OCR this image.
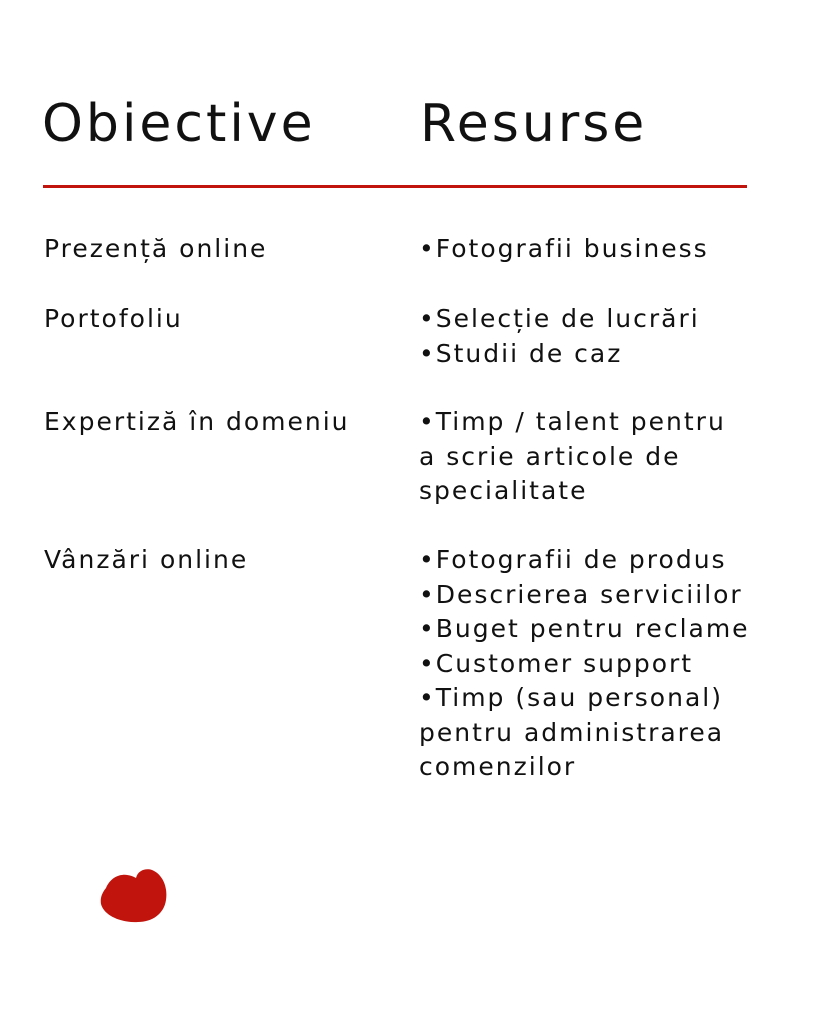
Obiective Resurse
Prezență online	•Fotografii business
Portofoliu	•Selecție de lucrări
•Studii de caz
Expertiză în domeniu	•Timp / talent pentru
a scrie articole de
specialitate
Vânzări online	•Fotografii de produs
•Descrierea serviciilor
•Buget pentru reclame
•Customer support
•Timp (sau personal)
pentru administrarea
comenzilor
